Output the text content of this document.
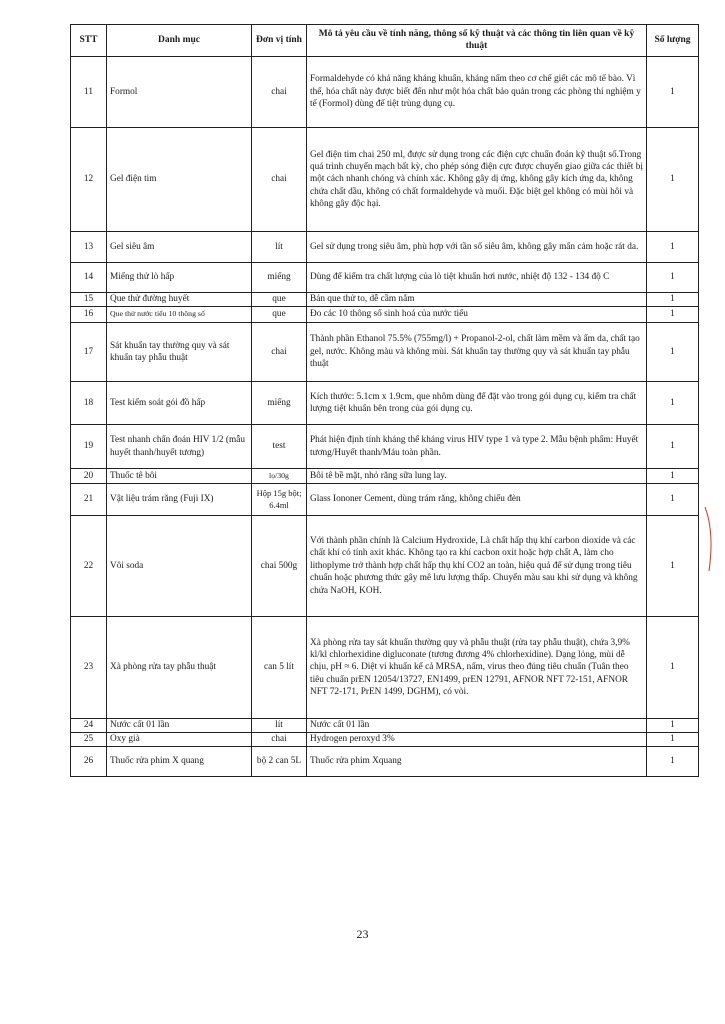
STT	Danh mục	Đơn vị tính	Mô tả yêu cầu về tính năng, thông số kỹ thuật và các thông tin liên quan về kỹ thuật	Số lượng
11	Formol	chai	Formaldehyde có khả năng kháng khuẩn, kháng nấm theo cơ chế giết các mô tế bào. Vì thế, hóa chất này được biết đến như một hóa chất bảo quản trong các phòng thí nghiệm y tế (Formol) dùng để tiệt trùng dụng cụ.	1
12	Gel điện tim	chai	Gel điện tim chai 250 ml, được sử dụng trong các điện cực chuẩn đoán kỹ thuật số.Trong quá trình chuyển mạch bất kỳ, cho phép sóng điện cực được chuyển giao giữa các thiết bị một cách nhanh chóng và chính xác. Không gây dị ứng, không gây kích ứng da, không chứa chất dầu, không có chất formaldehyde và muối. Đặc biệt gel không có mùi hôi và không gây độc hại.	1
13	Gel siêu âm	lít	Gel sử dụng trong siêu âm, phù hợp với tần số siêu âm, không gây mẩn cảm hoặc rát da.	1
14	Miếng thử lò hấp	miếng	Dùng để kiểm tra chất lượng của lò tiệt khuẩn hơi nước, nhiệt độ 132 - 134 độ C	1
15	Que thử đường huyết	que	Bản que thử to, dễ cầm nắm	1
16	Que thử nước tiểu 10 thông số	que	Đo các 10 thông số sinh hoá của nước tiểu	1
17	Sát khuẩn tay thường quy và sát khuẩn tay phẫu thuật	chai	Thành phần Ethanol 75.5% (755mg/l) + Propanol-2-ol, chất làm mềm và ẩm da, chất tạo gel, nước. Không màu và không mùi. Sát khuẩn tay thường quy và sát khuẩn tay phẫu thuật	1
18	Test kiểm soát gói đồ hấp	miếng	Kích thước: 5.1cm x 1.9cm, que nhôm dùng để đặt vào trong gói dụng cụ, kiểm tra chất lượng tiệt khuẩn bên trong của gói dụng cụ.	1
19	Test nhanh chẩn đoán HIV 1/2 (mẫu huyết thanh/huyết tương)	test	Phát hiện định tính kháng thể kháng virus HIV type 1 và type 2. Mẫu bệnh phẩm: Huyết tương/Huyết thanh/Máu toàn phần.	1
20	Thuốc tê bôi	lọ/30g	Bôi tê bề mặt, nhỏ răng sữa lung lay.	1
21	Vật liệu trám răng (Fuji IX)	Hộp 15g bột; 6.4ml	Glass Iononer Cement, dùng trám răng, không chiếu đèn	1
22	Vôi soda	chai 500g	Với thành phần chính là Calcium Hydroxide, Là chất hấp thụ khí carbon dioxide và các chất khí có tính axit khác. Không tạo ra khí cacbon oxit hoặc hợp chất A, làm cho lithoplyme trở thành hợp chất hấp thụ khí CO2 an toàn, hiệu quả để sử dụng trong tiêu chuẩn hoặc phương thức gây mê lưu lượng thấp. Chuyển màu sau khi sử dụng và không chứa NaOH, KOH.	1
23	Xà phòng rửa tay phẫu thuật	can 5 lít	Xà phòng rửa tay sát khuẩn thường quy và phẫu thuật (rửa tay phẫu thuật), chứa 3,9% kl/kl chlorhexidine digluconate (tương đương 4% chlorhexidine). Dạng lỏng, mùi dễ chịu, pH ≈ 6. Diệt vi khuẩn kể cả MRSA, nấm, virus theo đúng tiêu chuẩn (Tuân theo tiêu chuẩn prEN 12054/13727, EN1499, prEN 12791, AFNOR NFT 72-151, AFNOR NFT 72-171, PrEN 1499, DGHM), có vòi.	1
24	Nước cất 01 lần	lít	Nước cất 01 lần	1
25	Oxy già	chai	Hydrogen peroxyd 3%	1
26	Thuốc rửa phim X quang	bộ 2 can 5L	Thuốc rửa phim Xquang	1
23
